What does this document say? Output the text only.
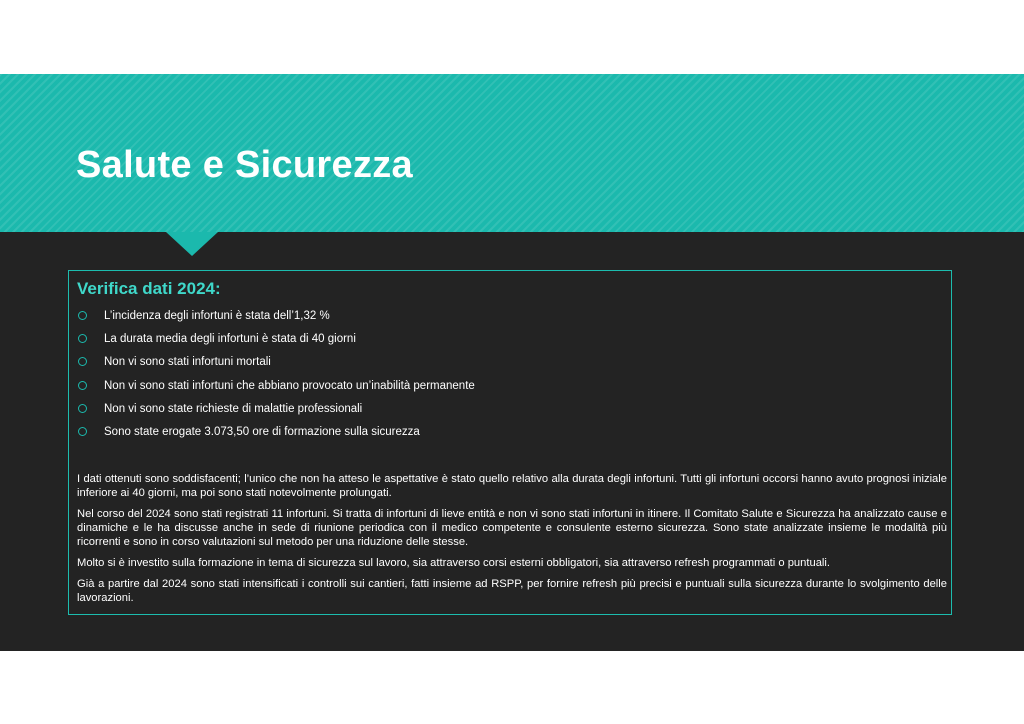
Salute e Sicurezza
Verifica dati 2024:
L’incidenza degli infortuni è stata dell’1,32 %
La durata media degli infortuni è stata di 40 giorni
Non vi sono stati infortuni mortali
Non vi sono stati infortuni che abbiano provocato un’inabilità permanente
Non vi sono state richieste di malattie professionali
Sono state erogate 3.073,50 ore di formazione sulla sicurezza

I dati ottenuti sono soddisfacenti; l’unico che non ha atteso le aspettative è stato quello relativo alla durata degli infortuni. Tutti gli infortuni occorsi hanno avuto prognosi iniziale inferiore ai 40 giorni, ma poi sono stati notevolmente prolungati.

Nel corso del 2024 sono stati registrati 11 infortuni. Si tratta di infortuni di lieve entità e non vi sono stati infortuni in itinere. Il Comitato Salute e Sicurezza ha analizzato cause e dinamiche e le ha discusse anche in sede di riunione periodica con il medico competente e consulente esterno sicurezza. Sono state analizzate insieme le modalità più ricorrenti e sono in corso valutazioni sul metodo per una riduzione delle stesse.

Molto si è investito sulla formazione in tema di sicurezza sul lavoro, sia attraverso corsi esterni obbligatori, sia attraverso refresh programmati o puntuali.

Già a partire dal 2024 sono stati intensificati i controlli sui cantieri, fatti insieme ad RSPP, per fornire refresh più precisi e puntuali sulla sicurezza durante lo svolgimento delle lavorazioni.
